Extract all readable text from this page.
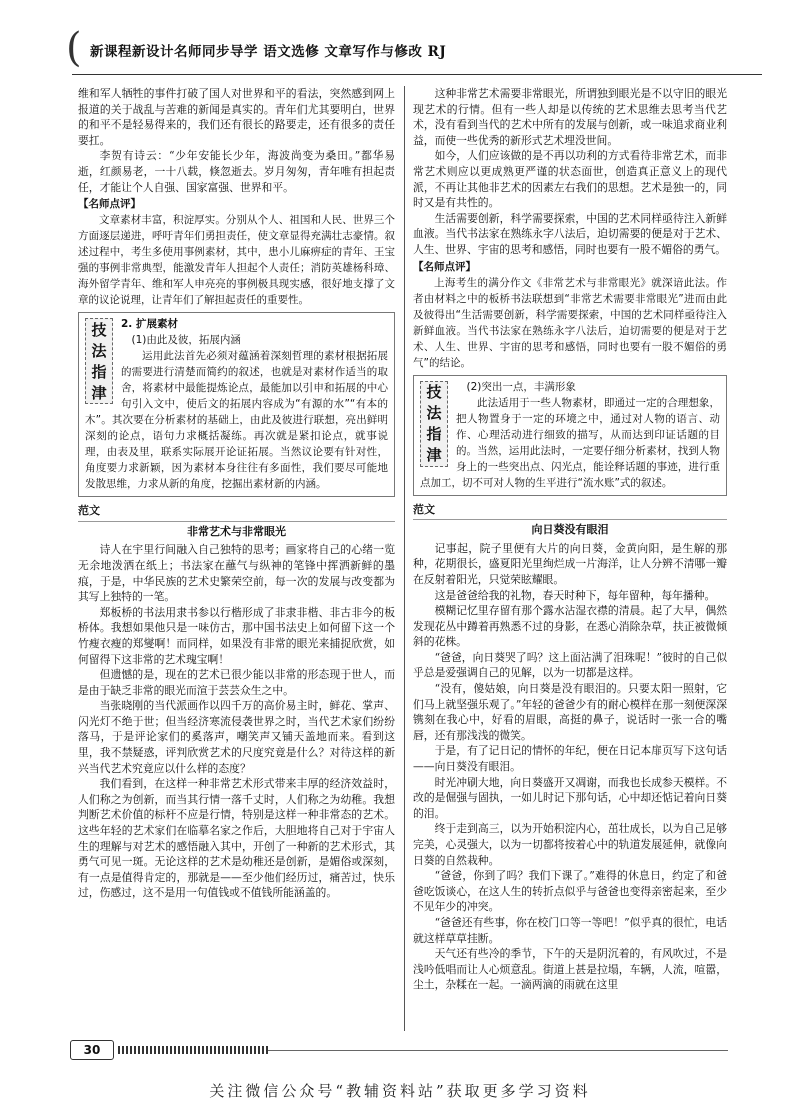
( 新课程新设计名师同步导学 语文选修 文章写作与修改 RJ

维和军人牺牲的事件打破了国人对世界和平的看法，突然感到网上报道的关于战乱与苦难的新闻是真实的。青年们尤其要明白，世界的和平不是轻易得来的，我们还有很长的路要走，还有很多的责任要扛。

李贺有诗云：“少年安能长少年，海波尚变为桑田。”都华易逝，红颜易老，一十八载，倏忽逝去。岁月匆匆，青年唯有担起责任，才能让个人自强、国家富强、世界和平。

【名师点评】

文章素材丰富，积淀厚实。分别从个人、祖国和人民、世界三个方面逐层递进，呼吁青年们勇担责任，使文章显得充满壮志豪情。叙述过程中，考生多使用事例素材，其中，患小儿麻痹症的青年、王宝强的事例非常典型，能激发青年人担起个人责任；消防英雄杨科璋、海外留学青年、维和军人申亮亮的事例极具现实感，很好地支撑了文章的议论说理，让青年们了解担起责任的重要性。

技
法
指
津
2. 扩展素材
(1)由此及彼，拓展内涵

运用此法首先必须对蕴涵着深刻哲理的素材根据拓展的需要进行清楚而简约的叙述，也就是对素材作适当的取舍，将素材中最能提炼论点，最能加以引申和拓展的中心句引入文中，使后文的拓展内容成为“有源的水”“有本的木”。其次要在分析素材的基础上，由此及彼进行联想，亮出鲜明深刻的论点，语句力求概括凝练。再次就是紧扣论点，就事说理，由表及里，联系实际展开论证拓展。当然议论要有针对性，角度要力求新颖，因为素材本身往往有多面性，我们要尽可能地发散思维，力求从新的角度，挖掘出素材新的内涵。

范文
非常艺术与非常眼光

诗人在宇里行间融入自己独特的思考；画家将自己的心绪一览无余地泼洒在纸上；书法家在蘸气与纵神的笔锋中挥洒新鲜的墨痕，于是，中华民族的艺术史繁荣空前，每一次的发展与改变都为其写上独特的一笔。

郑板桥的书法用隶书参以行楷形成了非隶非楷、非古非今的板桥体。我想如果他只是一味仿古，那中国书法史上如何留下这一个竹瘦衣瘦的郑燮啊！而同样，如果没有非常的眼光来捕捉欣赏，如何留得下这非常的艺术瑰宝啊！

但遗憾的是，现在的艺术已很少能以非常的形态现于世人，而是由于缺乏非常的眼光而渲于芸芸众生之中。

当张晓刚的当代派画作以四千万的高价易主时，鲜花、掌声、闪光灯不绝于世；但当经济寒流侵袭世界之时，当代艺术家们纷纷落马，于是评论家们的奚落声，嘲笑声又铺天盖地而来。看到这里，我不禁疑惑，评判欣赏艺术的尺度究竟是什么？对待这样的新兴当代艺术究竟应以什么样的态度？

我们看到，在这样一种非常艺术形式带来丰厚的经济效益时，人们称之为创新，而当其行情一落千丈时，人们称之为幼稚。我想判断艺术价值的标杆不应是行情，特别是这样一种非常态的艺术。这些年轻的艺术家们在临摹名家之作后，大胆地将自己对于宇宙人生的理解与对艺术的感悟融入其中，开创了一种新的艺术形式，其勇气可见一斑。无论这样的艺术是幼稚还是创新，是媚俗或深刻，有一点是值得肯定的，那就是——至少他们经历过，痛苦过，快乐过，伤感过，这不是用一句值钱或不值钱所能涵盖的。

这种非常艺术需要非常眼光，所谓独到眼光是不以守旧的眼光现艺术的行情。但有一些人却是以传统的艺术思维去思考当代艺术，没有看到当代的艺术中所有的发展与创新，或一味追求商业利益，而使一些优秀的新形式艺术埋没世间。

如今，人们应该做的是不再以功利的方式看待非常艺术，而非常艺术则应以更成熟更严谨的状态面世，创造真正意义上的现代派，不再让其他非艺术的因素左右我们的思想。艺术是独一的，同时又是有共性的。

生活需要创新，科学需要探索，中国的艺术同样亟待注入新鲜血液。当代书法家在熟练永字八法后，迫切需要的便是对于艺术、人生、世界、宇宙的思考和感悟，同时也要有一股不媚俗的勇气。

【名师点评】

上海考生的满分作文《非常艺术与非常眼光》就深谙此法。作者由材料之中的板桥书法联想到“非常艺术需要非常眼光”进而由此及彼得出“生活需要创新，科学需要探索，中国的艺术同样亟待注入新鲜血液。当代书法家在熟练永字八法后，迫切需要的便是对于艺术、人生、世界、宇宙的思考和感悟，同时也要有一股不媚俗的勇气”的结论。

技
法
指
津
(2)突出一点，丰满形象

此法适用于一些人物素材，即通过一定的合理想象，把人物置身于一定的环境之中，通过对人物的语言、动作、心理活动进行细致的描写，从而达到印证话题的目的。当然，运用此法时，一定要仔细分析素材，找到人物身上的一些突出点、闪光点，能诠释话题的事迹，进行重点加工，切不可对人物的生平进行“流水账”式的叙述。

范文
向日葵没有眼泪

记事起，院子里便有大片的向日葵，金黄向阳，是生解的那种，花期很长，盛夏阳光里绚烂成一片海洋，让人分辨不清哪一瓣在反射着阳光，只觉荣眩耀眼。

这是爸爸给我的礼物，春天时种下，每年留种，每年播种。

模糊记忆里存留有那个露水沾湿衣襟的清晨。起了大早，偶然发现花丛中蹲着再熟悉不过的身影，在悉心消除杂草，扶正被微倾斜的花株。

“爸爸，向日葵哭了吗？这上面沾满了泪珠呢！”彼时的自己似乎总是爱强调自己的见解，以为一切都是这样。

“没有，傻姑娘，向日葵是没有眼泪的。只要太阳一照射，它们马上就坚强乐观了。”年轻的爸爸少有的耐心模样在那一刻便深深镌刻在我心中，好看的眉眼，高挺的鼻子，说话时一张一合的嘴唇，还有那浅浅的微笑。

于是，有了记日记的情怀的年纪，便在日记本扉页写下这句话——向日葵没有眼泪。

时光冲刷大地，向日葵盛开又凋谢，而我也长成参天模样。不改的是倔强与固执，一如儿时记下那句话，心中却还惦记着向日葵的泪。

终于走到高三，以为开始积淀内心，茁壮成长，以为自己足够完美，心灵强大，以为一切都将按着心中的轨道发展延伸，就像向日葵的自然栽种。

“爸爸，你到了吗？我们下课了。”难得的休息日，约定了和爸爸吃饭谈心，在这人生的转折点似乎与爸爸也变得亲密起来，至少不见年少的冲突。

“爸爸还有些事，你在校门口等一等吧！”似乎真的很忙，电话就这样草草挂断。

天气还有些冷的季节，下午的天是阴沉着的，有风吹过，不是浅吟低唱而让人心烦意乱。街道上甚是拉塌，车辆，人流，喧嚣，尘土，杂糅在一起。一滴两滴的雨就在这里

30
关注微信公众号“教辅资料站”获取更多学习资料
